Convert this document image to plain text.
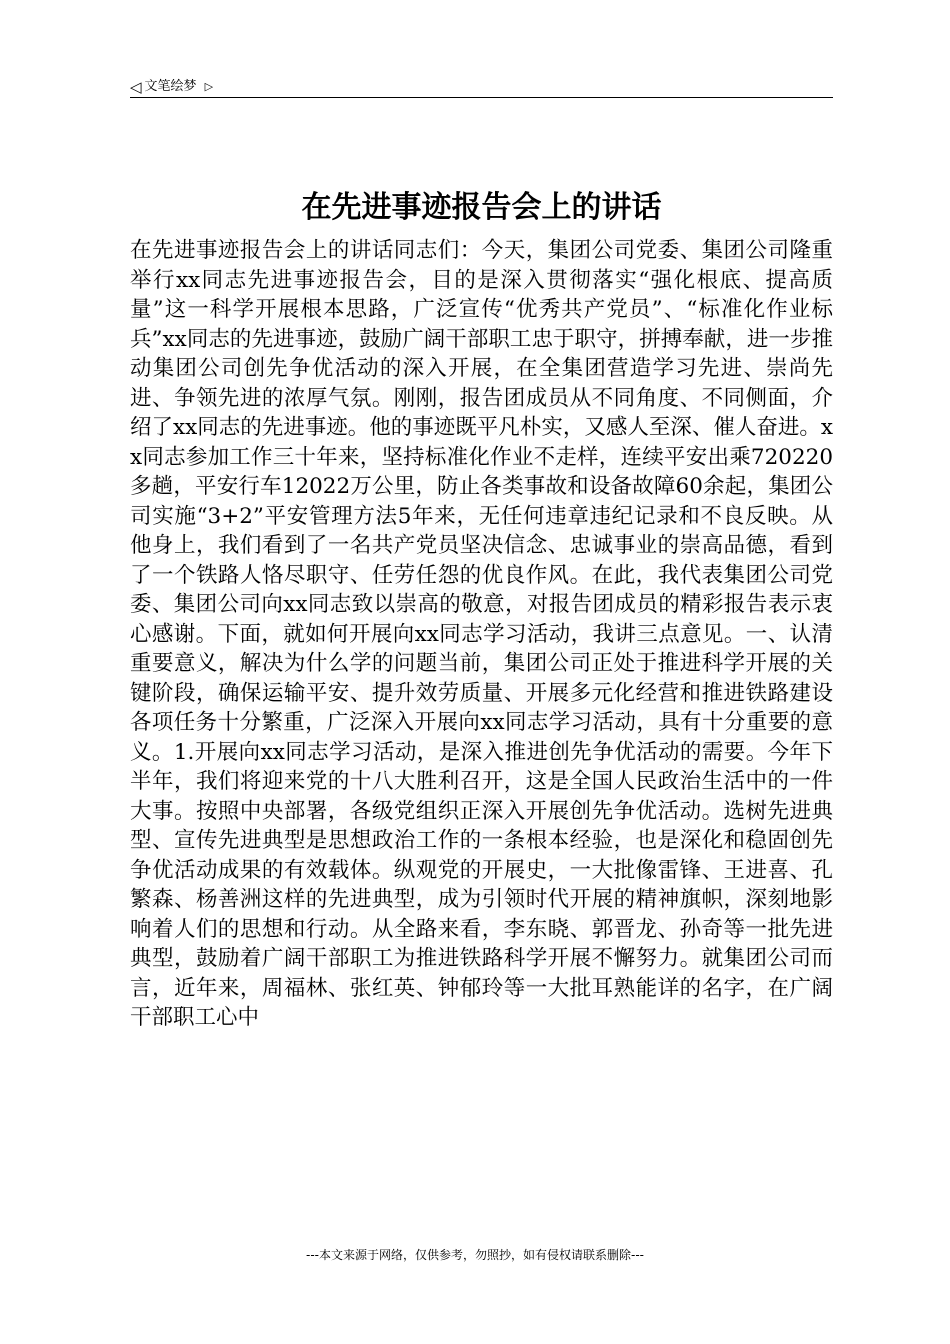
◁ 文笔绘梦 ▷
在先进事迹报告会上的讲话

在先进事迹报告会上的讲话同志们：今天，集团公司党委、集团公司隆重举行xx同志先进事迹报告会，目的是深入贯彻落实“强化根底、提高质量”这一科学开展根本思路，广泛宣传“优秀共产党员”、“标准化作业标兵”xx同志的先进事迹，鼓励广阔干部职工忠于职守，拼搏奉献，进一步推动集团公司创先争优活动的深入开展，在全集团营造学习先进、崇尚先进、争领先进的浓厚气氛。刚刚，报告团成员从不同角度、不同侧面，介绍了xx同志的先进事迹。他的事迹既平凡朴实，又感人至深、催人奋进。xx同志参加工作三十年来，坚持标准化作业不走样，连续平安出乘720220多趟，平安行车12022万公里，防止各类事故和设备故障60余起，集团公司实施“3+2”平安管理方法5年来，无任何违章违纪记录和不良反映。从他身上，我们看到了一名共产党员坚决信念、忠诚事业的崇高品德，看到了一个铁路人恪尽职守、任劳任怨的优良作风。在此，我代表集团公司党委、集团公司向xx同志致以崇高的敬意，对报告团成员的精彩报告表示衷心感谢。下面，就如何开展向xx同志学习活动，我讲三点意见。一、认清重要意义，解决为什么学的问题当前，集团公司正处于推进科学开展的关键阶段，确保运输平安、提升效劳质量、开展多元化经营和推进铁路建设各项任务十分繁重，广泛深入开展向xx同志学习活动，具有十分重要的意义。1.开展向xx同志学习活动，是深入推进创先争优活动的需要。今年下半年，我们将迎来党的十八大胜利召开，这是全国人民政治生活中的一件大事。按照中央部署，各级党组织正深入开展创先争优活动。选树先进典型、宣传先进典型是思想政治工作的一条根本经验，也是深化和稳固创先争优活动成果的有效载体。纵观党的开展史，一大批像雷锋、王进喜、孔繁森、杨善洲这样的先进典型，成为引领时代开展的精神旗帜，深刻地影响着人们的思想和行动。从全路来看，李东晓、郭晋龙、孙奇等一批先进典型，鼓励着广阔干部职工为推进铁路科学开展不懈努力。就集团公司而言，近年来，周福林、张红英、钟郁玲等一大批耳熟能详的名字，在广阔干部职工心中

---本文来源于网络，仅供参考，勿照抄，如有侵权请联系删除---
